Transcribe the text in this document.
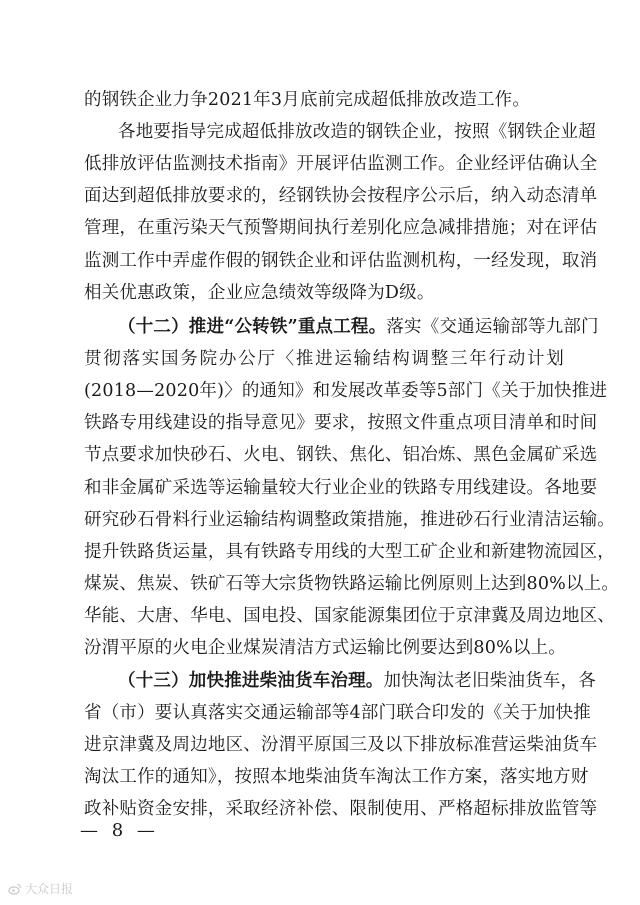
的钢铁企业力争2021年3月底前完成超低排放改造工作。
各地要指导完成超低排放改造的钢铁企业，按照《钢铁企业超
低排放评估监测技术指南》开展评估监测工作。企业经评估确认全
面达到超低排放要求的，经钢铁协会按程序公示后，纳入动态清单
管理，在重污染天气预警期间执行差别化应急减排措施；对在评估
监测工作中弄虚作假的钢铁企业和评估监测机构，一经发现，取消
相关优惠政策，企业应急绩效等级降为D级。
（十二）推进“公转铁”重点工程。落实《交通运输部等九部门
贯彻落实国务院办公厅〈推进运输结构调整三年行动计划
(2018—2020年)〉的通知》和发展改革委等5部门《关于加快推进
铁路专用线建设的指导意见》要求，按照文件重点项目清单和时间
节点要求加快砂石、火电、钢铁、焦化、铝冶炼、黑色金属矿采选
和非金属矿采选等运输量较大行业企业的铁路专用线建设。各地要
研究砂石骨料行业运输结构调整政策措施，推进砂石行业清洁运输。
提升铁路货运量，具有铁路专用线的大型工矿企业和新建物流园区，
煤炭、焦炭、铁矿石等大宗货物铁路运输比例原则上达到80%以上。
华能、大唐、华电、国电投、国家能源集团位于京津冀及周边地区、
汾渭平原的火电企业煤炭清洁方式运输比例要达到80%以上。
（十三）加快推进柴油货车治理。加快淘汰老旧柴油货车，各
省（市）要认真落实交通运输部等4部门联合印发的《关于加快推
进京津冀及周边地区、汾渭平原国三及以下排放标准营运柴油货车
淘汰工作的通知》，按照本地柴油货车淘汰工作方案，落实地方财
政补贴资金安排，采取经济补偿、限制使用、严格超标排放监管等
— 8 —
大众日报
